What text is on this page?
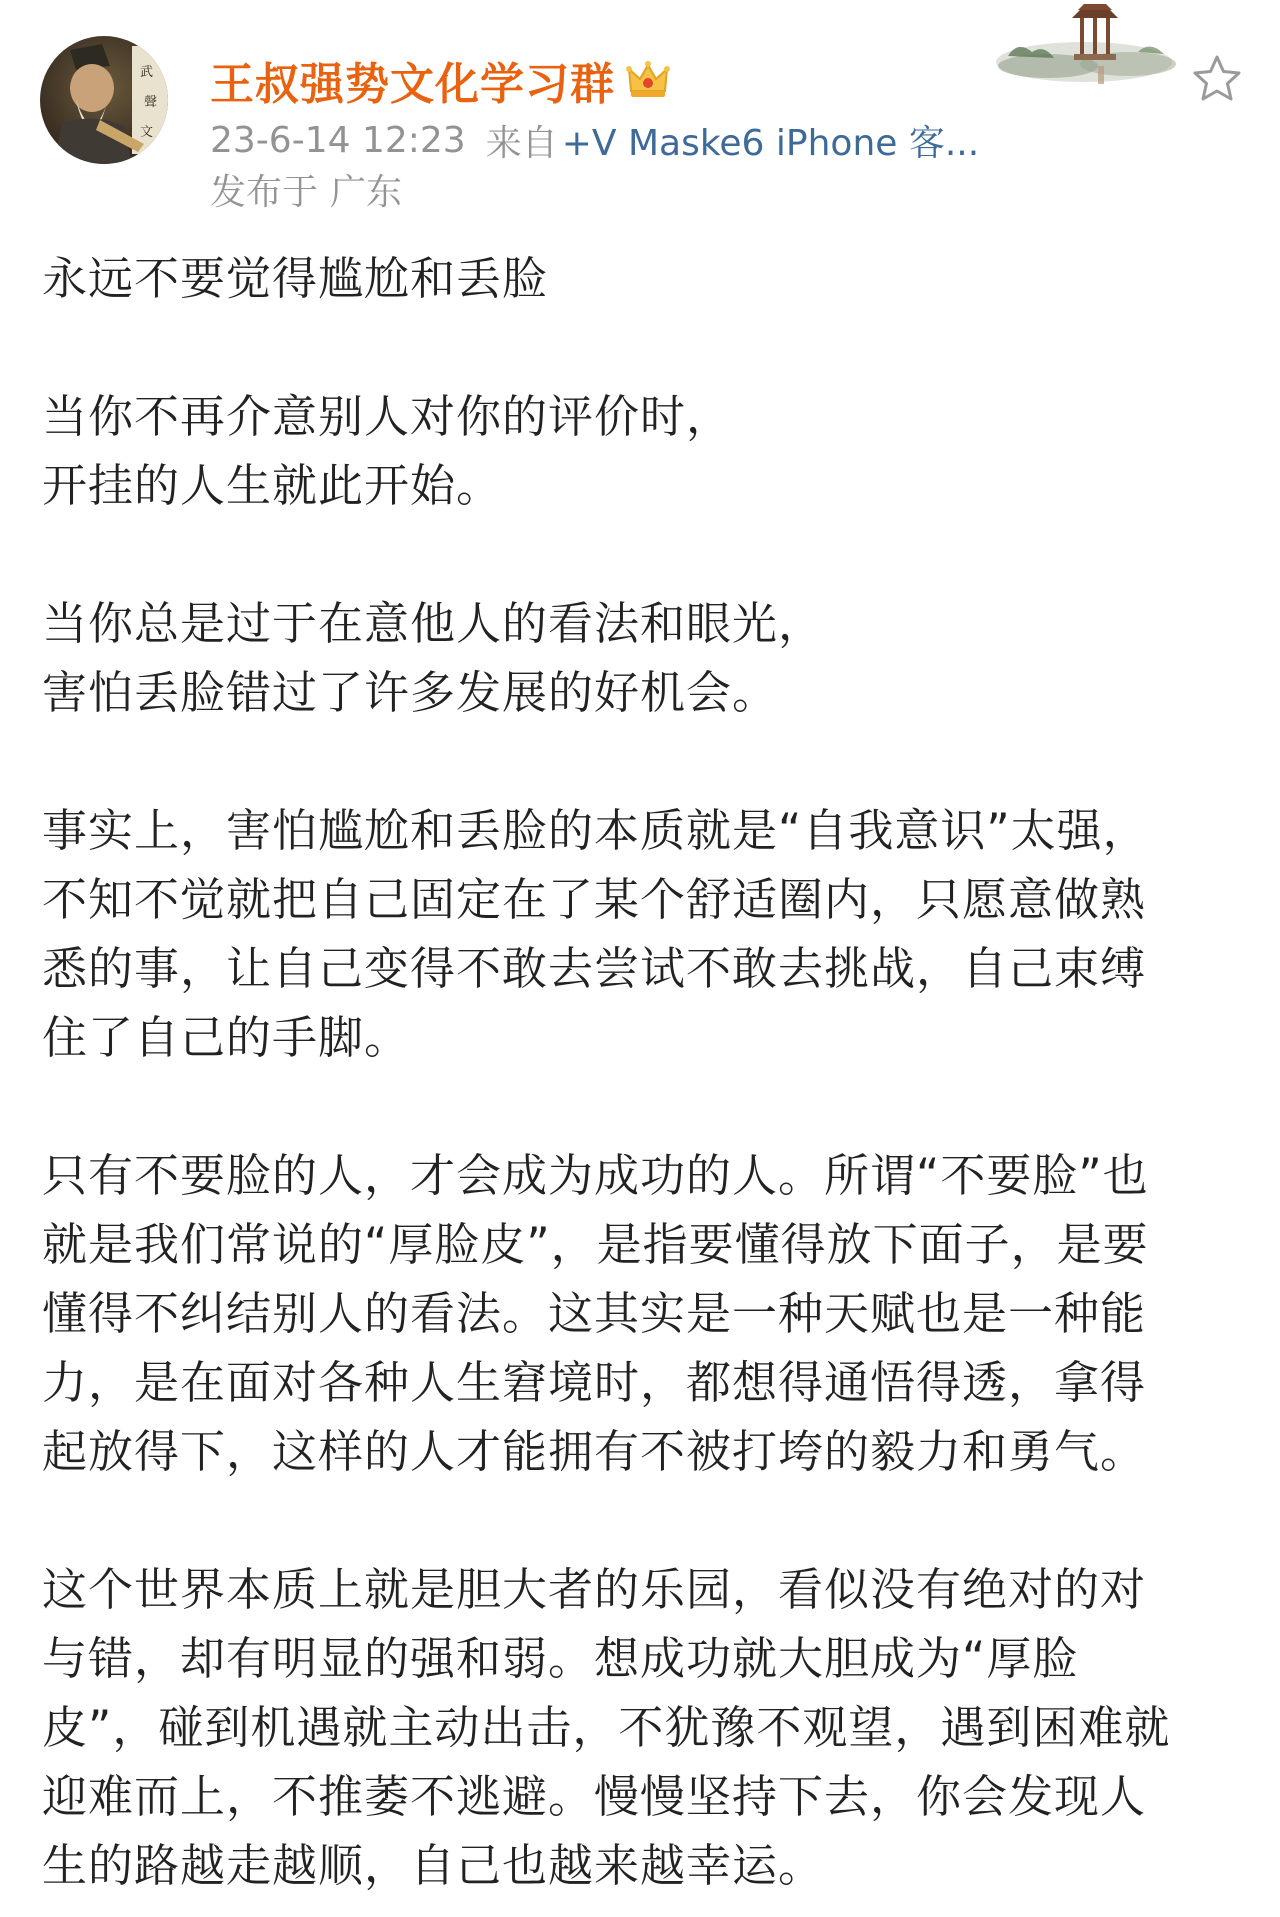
武
聲
文
王叔强势文化学习群
23-6-14 12:23 来自 +V Maske6 iPhone 客...
发布于 广东
永远不要觉得尴尬和丢脸
当你不再介意别人对你的评价时，
开挂的人生就此开始。
当你总是过于在意他人的看法和眼光，
害怕丢脸错过了许多发展的好机会。
事实上，害怕尴尬和丢脸的本质就是“自我意识”太强，
不知不觉就把自己固定在了某个舒适圈内，只愿意做熟
悉的事，让自己变得不敢去尝试不敢去挑战，自己束缚
住了自己的手脚。
只有不要脸的人，才会成为成功的人。所谓“不要脸”也
就是我们常说的“厚脸皮”，是指要懂得放下面子，是要
懂得不纠结别人的看法。这其实是一种天赋也是一种能
力，是在面对各种人生窘境时，都想得通悟得透，拿得
起放得下，这样的人才能拥有不被打垮的毅力和勇气。
这个世界本质上就是胆大者的乐园，看似没有绝对的对
与错，却有明显的强和弱。想成功就大胆成为“厚脸
皮”，碰到机遇就主动出击，不犹豫不观望，遇到困难就
迎难而上，不推萎不逃避。慢慢坚持下去，你会发现人
生的路越走越顺，自己也越来越幸运。
